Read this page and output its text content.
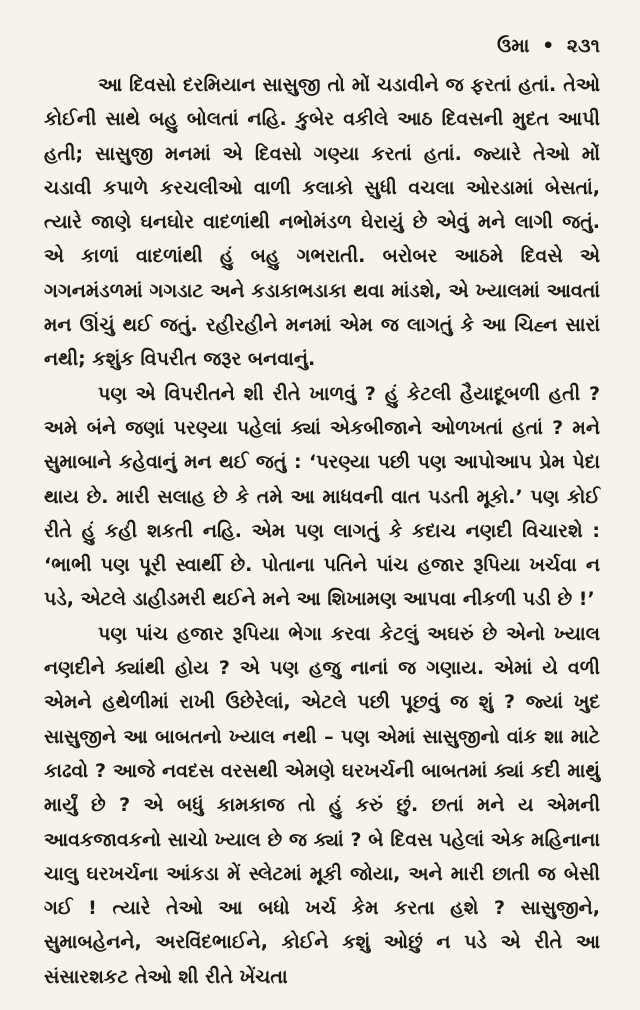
ઉમા • ૨૩૧

આ દિવસો દરમિયાન સાસુજી તો મોં ચડાવીને જ ફરતાં હતાં. તેઓ કોઈની સાથે બહુ બોલતાં નહિ. કુબેર વકીલે આઠ દિવસની મુદત આપી હતી; સાસુજી મનમાં એ દિવસો ગણ્યા કરતાં હતાં. જ્યારે તેઓ મોં ચડાવી કપાળે કરચલીઓ વાળી કલાકો સુધી વચલા ઓરડામાં બેસતાં, ત્યારે જાણે ઘનઘોર વાદળાંથી નભોમંડળ ઘેરાયું છે એવું મને લાગી જતું. એ કાળાં વાદળાંથી હું બહુ ગભરાતી. બરોબર આઠમે દિવસે એ ગગનમંડળમાં ગગડાટ અને કડાકાભડાકા થવા માંડશે, એ ખ્યાલમાં આવતાં મન ઊંચું થઈ જતું. રહીરહીને મનમાં એમ જ લાગતું કે આ ચિહ્ન સારાં નથી; કશુંક વિપરીત જરૂર બનવાનું.

પણ એ વિપરીતને શી રીતે ખાળવું ? હું કેટલી હૈયાદૂબળી હતી ? અમે બંને જણાં પરણ્યા પહેલાં ક્યાં એકબીજાને ઓળખતાં હતાં ? મને સુમાબાને કહેવાનું મન થઈ જતું : ‘પરણ્યા પછી પણ આપોઆપ પ્રેમ પેદા થાય છે. મારી સલાહ છે કે તમે આ માધવની વાત પડતી મૂકો.’ પણ કોઈ રીતે હું કહી શકતી નહિ. એમ પણ લાગતું કે કદાચ નણદી વિચારશે : ‘ભાભી પણ પૂરી સ્વાર્થી છે. પોતાના પતિને પાંચ હજાર રૂપિયા ખર્ચવા ન પડે, એટલે ડાહીડમરી થઈને મને આ શિખામણ આપવા નીકળી પડી છે !’

પણ પાંચ હજાર રૂપિયા ભેગા કરવા કેટલું અઘરું છે એનો ખ્યાલ નણદીને ક્યાંથી હોય ? એ પણ હજુ નાનાં જ ગણાય. એમાં યે વળી એમને હથેળીમાં રાખી ઉછેરેલાં, એટલે પછી પૂછવું જ શું ? જ્યાં ખુદ સાસુજીને આ બાબતનો ખ્યાલ નથી – પણ એમાં સાસુજીનો વાંક શા માટે કાઢવો ? આજે નવદસ વરસથી એમણે ઘરખર્ચની બાબતમાં ક્યાં કદી માથું માર્યું છે ? એ બધું કામકાજ તો હું કરું છું. છતાં મને ય એમની આવકજાવકનો સાચો ખ્યાલ છે જ ક્યાં ? બે દિવસ પહેલાં એક મહિનાના ચાલુ ઘરખર્ચના આંકડા મેં સ્લેટમાં મૂકી જોયા, અને મારી છાતી જ બેસી ગઈ ! ત્યારે તેઓ આ બધો ખર્ચ કેમ કરતા હશે ? સાસુજીને, સુમાબહેનને, અરવિંદભાઈને, કોઈને કશું ઓછું ન પડે એ રીતે આ સંસારશકટ તેઓ શી રીતે ખેંચતા
